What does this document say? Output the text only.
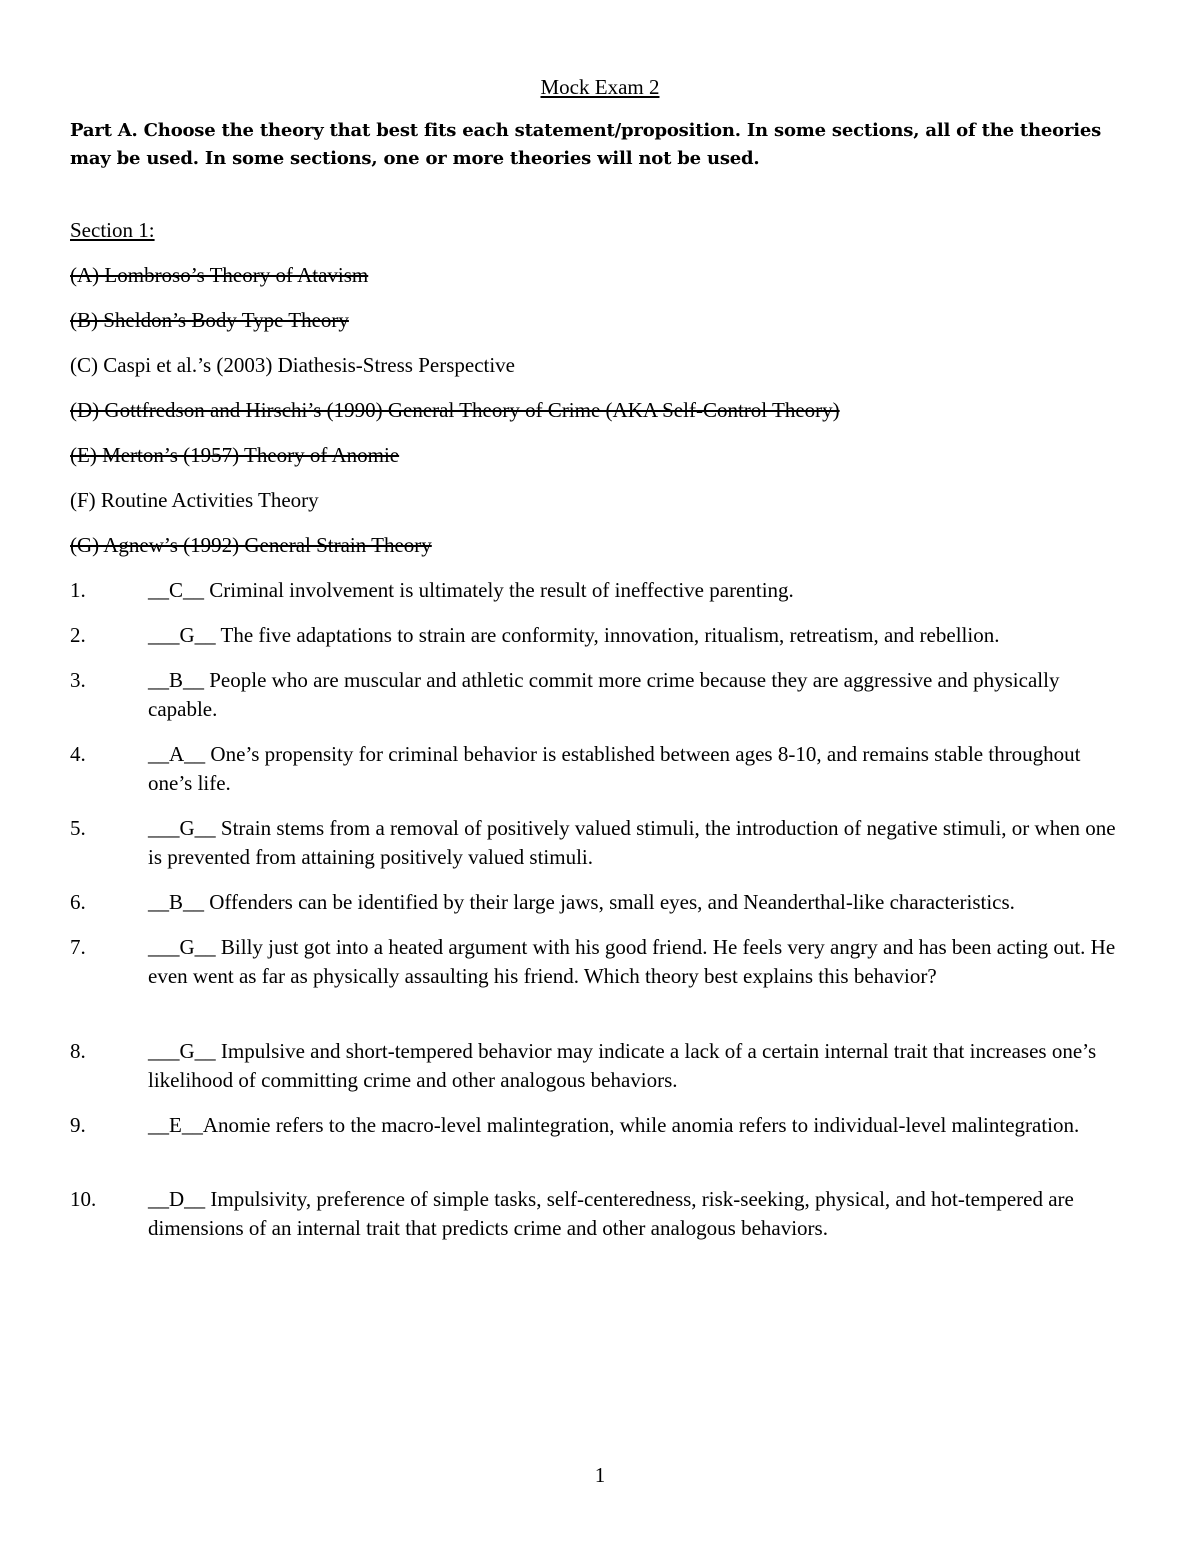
Mock Exam 2
Part A. Choose the theory that best fits each statement/proposition. In some sections, all of the theories may be used. In some sections, one or more theories will not be used.
Section 1:
(A) Lombroso’s Theory of Atavism
(B) Sheldon’s Body Type Theory
(C) Caspi et al.’s (2003) Diathesis-Stress Perspective
(D) Gottfredson and Hirschi’s (1990) General Theory of Crime (AKA Self-Control Theory)
(E) Merton’s (1957) Theory of Anomie
(F) Routine Activities Theory
(G) Agnew’s (1992) General Strain Theory
1.	__C__ Criminal involvement is ultimately the result of ineffective parenting.
2.	___G__ The five adaptations to strain are conformity, innovation, ritualism, retreatism, and rebellion.
3.	__B__ People who are muscular and athletic commit more crime because they are aggressive and physically capable.
4.	__A__ One’s propensity for criminal behavior is established between ages 8-10, and remains stable throughout one’s life.
5.	___G__ Strain stems from a removal of positively valued stimuli, the introduction of negative stimuli, or when one is prevented from attaining positively valued stimuli.
6.	__B__ Offenders can be identified by their large jaws, small eyes, and Neanderthal-like characteristics.
7.	___G__ Billy just got into a heated argument with his good friend. He feels very angry and has been acting out. He even went as far as physically assaulting his friend. Which theory best explains this behavior?
8.	___G__ Impulsive and short-tempered behavior may indicate a lack of a certain internal trait that increases one’s likelihood of committing crime and other analogous behaviors.
9.	__E__Anomie refers to the macro-level malintegration, while anomia refers to individual-level malintegration.
10. __D__ Impulsivity, preference of simple tasks, self-centeredness, risk-seeking, physical, and hot-tempered are dimensions of an internal trait that predicts crime and other analogous behaviors.
1
